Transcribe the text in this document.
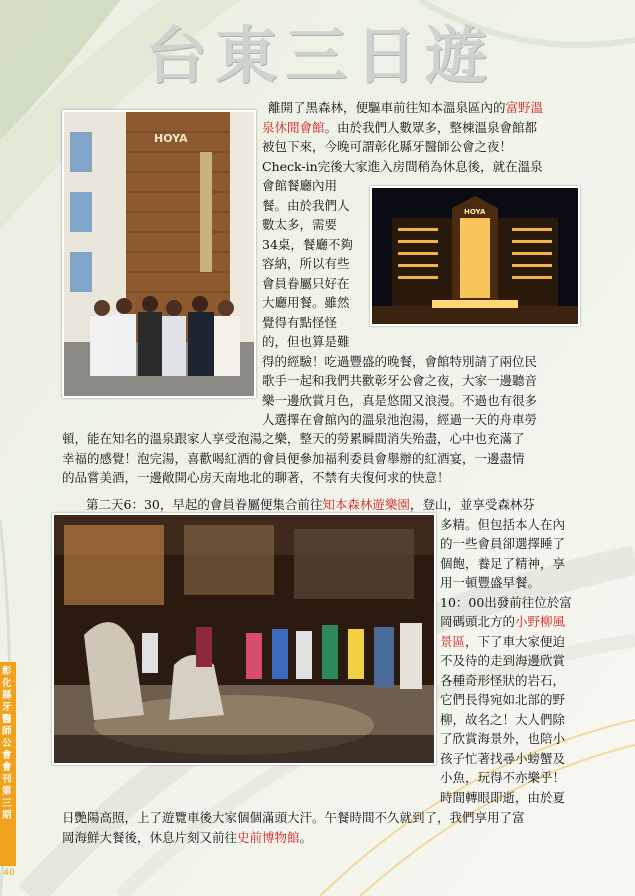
台東三日遊
HOYA
HOYA
離開了黑森林，便驅車前往知本溫泉區內的富野溫
泉休閒會館。由於我們人數眾多，整棟溫泉會館都
被包下來，今晚可謂彰化縣牙醫師公會之夜！
Check-in完後大家進入房間稍為休息後，就在溫泉
會館餐廳內用
餐。由於我們人
數太多，需要
34桌，餐廳不夠
容納，所以有些
會員眷屬只好在
大廳用餐。雖然
覺得有點怪怪
的，但也算是難
得的經驗！吃過豐盛的晚餐，會館特別請了兩位民
歌手一起和我們共歡彰牙公會之夜，大家一邊聽音
樂一邊欣賞月色，真是悠閒又浪漫。不過也有很多
人選擇在會館內的溫泉池泡湯，經過一天的舟車勞
頓，能在知名的溫泉跟家人享受泡湯之樂，整天的勞累瞬間消失殆盡，心中也充滿了
幸福的感覺！泡完湯，喜歡喝紅酒的會員便參加福利委員會舉辦的紅酒宴，一邊盡情
的品嘗美酒，一邊敞開心房天南地北的聊著，不禁有夫復何求的快意！
第二天6：30，早起的會員眷屬便集合前往知本森林遊樂園，登山，並享受森林芬
多精。但包括本人在內
的一些會員卻選擇睡了
個飽，養足了精神，享
用一頓豐盛早餐。
10：00出發前往位於富
岡碼頭北方的小野柳風
景區，下了車大家便迫
不及待的走到海邊欣賞
各種奇形怪狀的岩石，
它們長得宛如北部的野
柳，故名之！大人們除
了欣賞海景外，也陪小
孩子忙著找尋小螃蟹及
小魚，玩得不亦樂乎！
時間轉眼即逝，由於夏
日艷陽高照，上了遊覽車後大家個個滿頭大汗。午餐時間不久就到了，我們享用了富
岡海鮮大餐後，休息片刻又前往史前博物館。
彰化縣牙醫師公會會刊第三期
40
